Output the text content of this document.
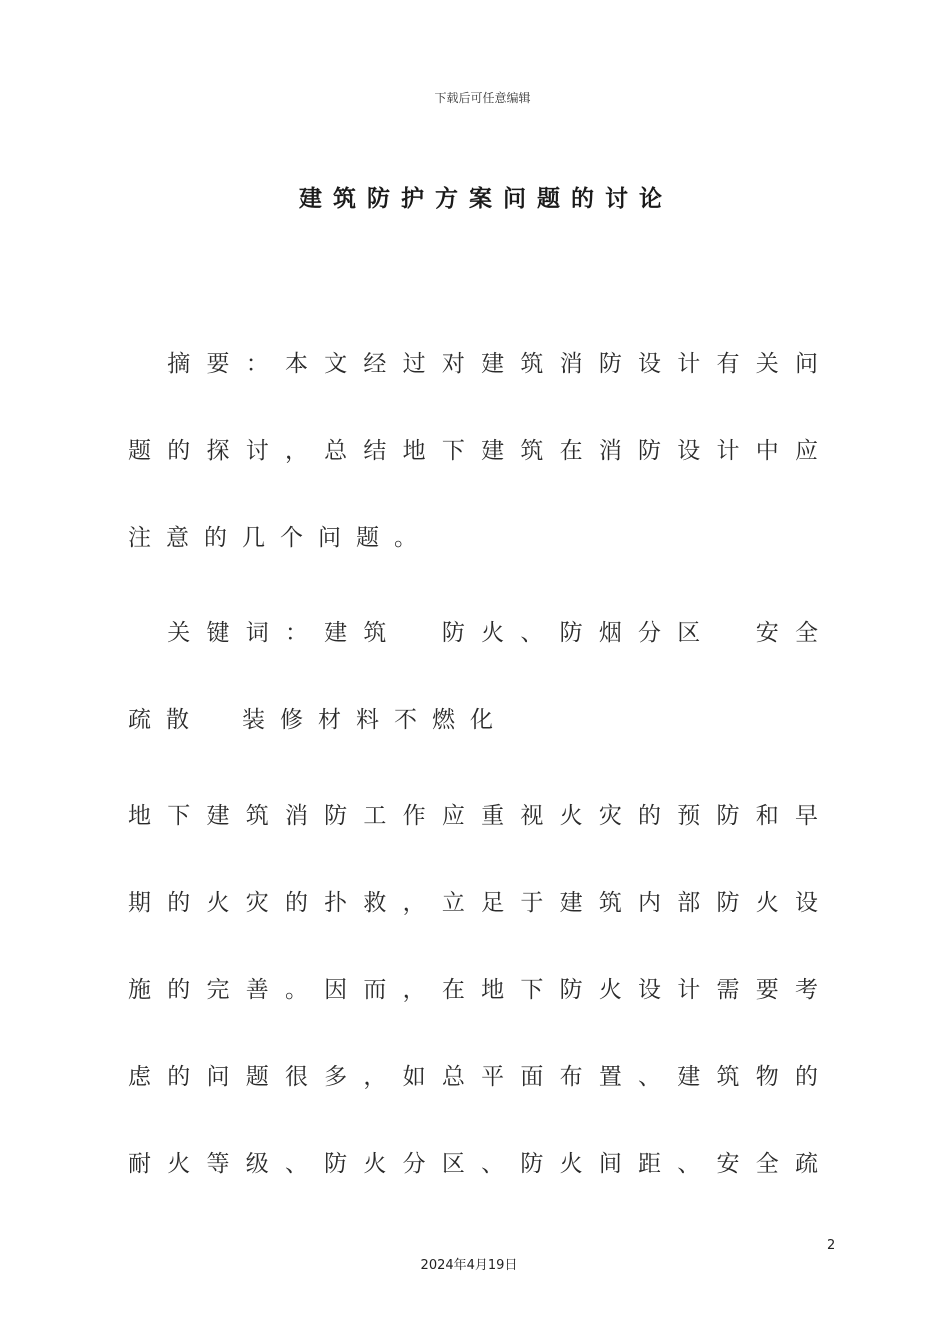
下载后可任意编辑
建筑防护方案问题的讨论

摘 要 ： 本 文 经 过 对 建 筑 消 防 设 计 有 关 问
题 的 探 讨 ， 总 结 地 下 建 筑 在 消 防 设 计 中 应
注 意 的 几 个 问 题 。

关 键 词 ： 建 筑
　 防 火 、 防 烟 分 区
　 安 全
疏 散　 装 修 材 料 不 燃 化
地 下 建 筑 消 防 工 作 应 重 视 火 灾 的 预 防 和 早
期 的 火 灾 的 扑 救 ， 立 足 于 建 筑 内 部 防 火 设
施 的 完 善 。 因 而 ， 在 地 下 防 火 设 计 需 要 考
虑 的 问 题 很 多 ， 如 总 平 面 布 置 、 建 筑 物 的
耐 火 等 级 、 防 火 分 区 、 防 火 间 距 、 安 全 疏
2
2024年4月19日
